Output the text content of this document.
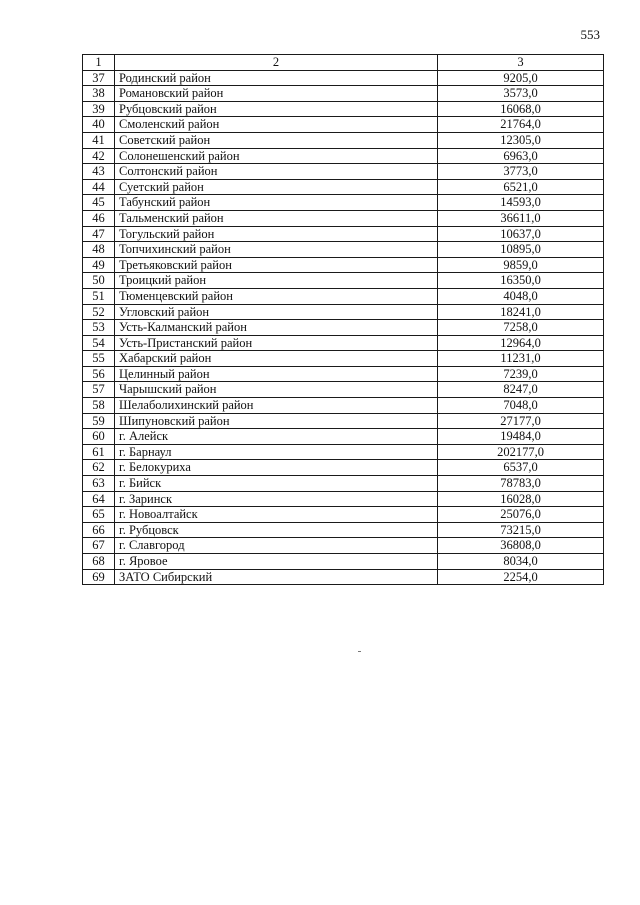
553
1	2	3
37	Родинский район	9205,0
38	Романовский район	3573,0
39	Рубцовский район	16068,0
40	Смоленский район	21764,0
41	Советский район	12305,0
42	Солонешенский район	6963,0
43	Солтонский район	3773,0
44	Суетский район	6521,0
45	Табунский район	14593,0
46	Тальменский район	36611,0
47	Тогульский район	10637,0
48	Топчихинский район	10895,0
49	Третьяковский район	9859,0
50	Троицкий район	16350,0
51	Тюменцевский район	4048,0
52	Угловский район	18241,0
53	Усть-Калманский район	7258,0
54	Усть-Пристанский район	12964,0
55	Хабарский район	11231,0
56	Целинный район	7239,0
57	Чарышский район	8247,0
58	Шелаболихинский район	7048,0
59	Шипуновский район	27177,0
60	г. Алейск	19484,0
61	г. Барнаул	202177,0
62	г. Белокуриха	6537,0
63	г. Бийск	78783,0
64	г. Заринск	16028,0
65	г. Новоалтайск	25076,0
66	г. Рубцовск	73215,0
67	г. Славгород	36808,0
68	г. Яровое	8034,0
69	ЗАТО Сибирский	2254,0
